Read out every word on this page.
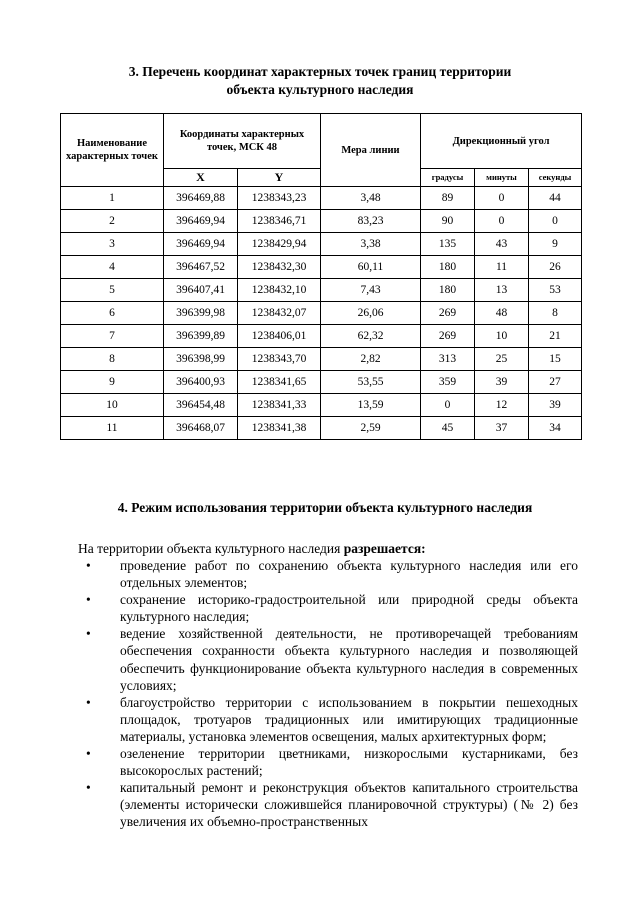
3. Перечень координат характерных точек границ территории
объекта культурного наследия
Наименование характерных точек	Координаты характерных точек, МСК 48		Мера линии	Дирекционный угол		
	X	Y		градусы	минуты	секунды
1	396469,88	1238343,23	3,48	89	0	44
2	396469,94	1238346,71	83,23	90	0	0
3	396469,94	1238429,94	3,38	135	43	9
4	396467,52	1238432,30	60,11	180	11	26
5	396407,41	1238432,10	7,43	180	13	53
6	396399,98	1238432,07	26,06	269	48	8
7	396399,89	1238406,01	62,32	269	10	21
8	396398,99	1238343,70	2,82	313	25	15
9	396400,93	1238341,65	53,55	359	39	27
10	396454,48	1238341,33	13,59	0	12	39
11	396468,07	1238341,38	2,59	45	37	34
4. Режим использования территории объекта культурного наследия
На территории объекта культурного наследия разрешается:
• проведение работ по сохранению объекта культурного наследия или его отдельных элементов;
• сохранение историко-градостроительной или природной среды объекта культурного наследия;
• ведение хозяйственной деятельности, не противоречащей требованиям обеспечения сохранности объекта культурного наследия и позволяющей обеспечить функционирование объекта культурного наследия в современных условиях;
• благоустройство территории с использованием в покрытии пешеходных площадок, тротуаров традиционных или имитирующих традиционные материалы, установка элементов освещения, малых архитектурных форм;
• озеленение территории цветниками, низкорослыми кустарниками, без высокорослых растений;
• капитальный ремонт и реконструкция объектов капитального строительства (элементы исторически сложившейся планировочной структуры) (№ 2) без увеличения их объемно-пространственных
